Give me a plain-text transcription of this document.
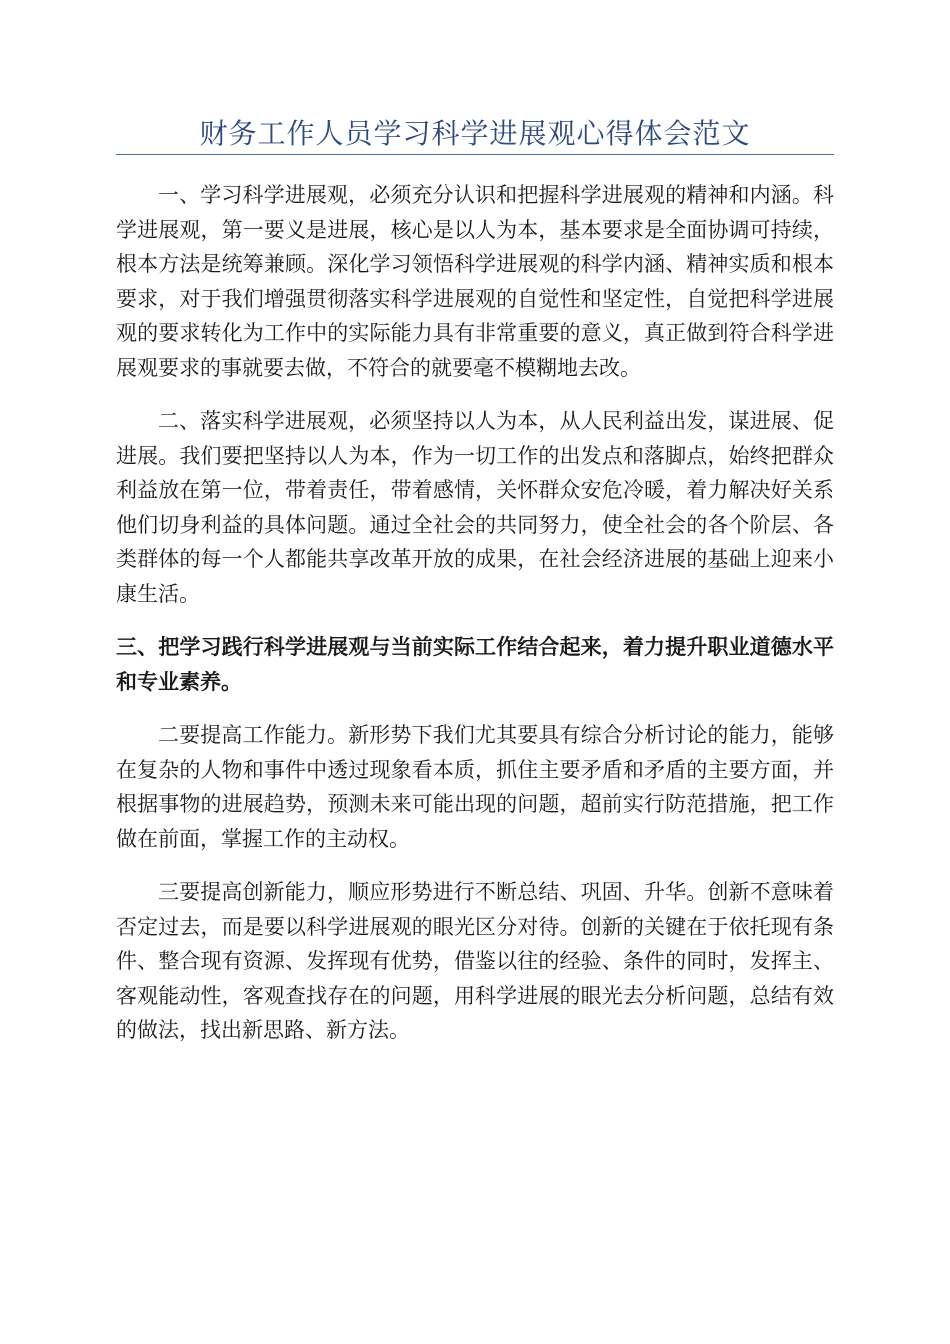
财务工作人员学习科学进展观心得体会范文

一、学习科学进展观，必须充分认识和把握科学进展观的精神和内涵。科学进展观，第一要义是进展，核心是以人为本，基本要求是全面协调可持续，根本方法是统筹兼顾。深化学习领悟科学进展观的科学内涵、精神实质和根本要求，对于我们增强贯彻落实科学进展观的自觉性和坚定性，自觉把科学进展观的要求转化为工作中的实际能力具有非常重要的意义，真正做到符合科学进展观要求的事就要去做，不符合的就要毫不模糊地去改。

二、落实科学进展观，必须坚持以人为本，从人民利益出发，谋进展、促进展。我们要把坚持以人为本，作为一切工作的出发点和落脚点，始终把群众利益放在第一位，带着责任，带着感情，关怀群众安危冷暖，着力解决好关系他们切身利益的具体问题。通过全社会的共同努力，使全社会的各个阶层、各类群体的每一个人都能共享改革开放的成果，在社会经济进展的基础上迎来小康生活。

三、把学习践行科学进展观与当前实际工作结合起来，着力提升职业道德水平和专业素养。

二要提高工作能力。新形势下我们尤其要具有综合分析讨论的能力，能够在复杂的人物和事件中透过现象看本质，抓住主要矛盾和矛盾的主要方面，并根据事物的进展趋势，预测未来可能出现的问题，超前实行防范措施，把工作做在前面，掌握工作的主动权。

三要提高创新能力，顺应形势进行不断总结、巩固、升华。创新不意味着否定过去，而是要以科学进展观的眼光区分对待。创新的关键在于依托现有条件、整合现有资源、发挥现有优势，借鉴以往的经验、条件的同时，发挥主、客观能动性，客观查找存在的问题，用科学进展的眼光去分析问题，总结有效的做法，找出新思路、新方法。
